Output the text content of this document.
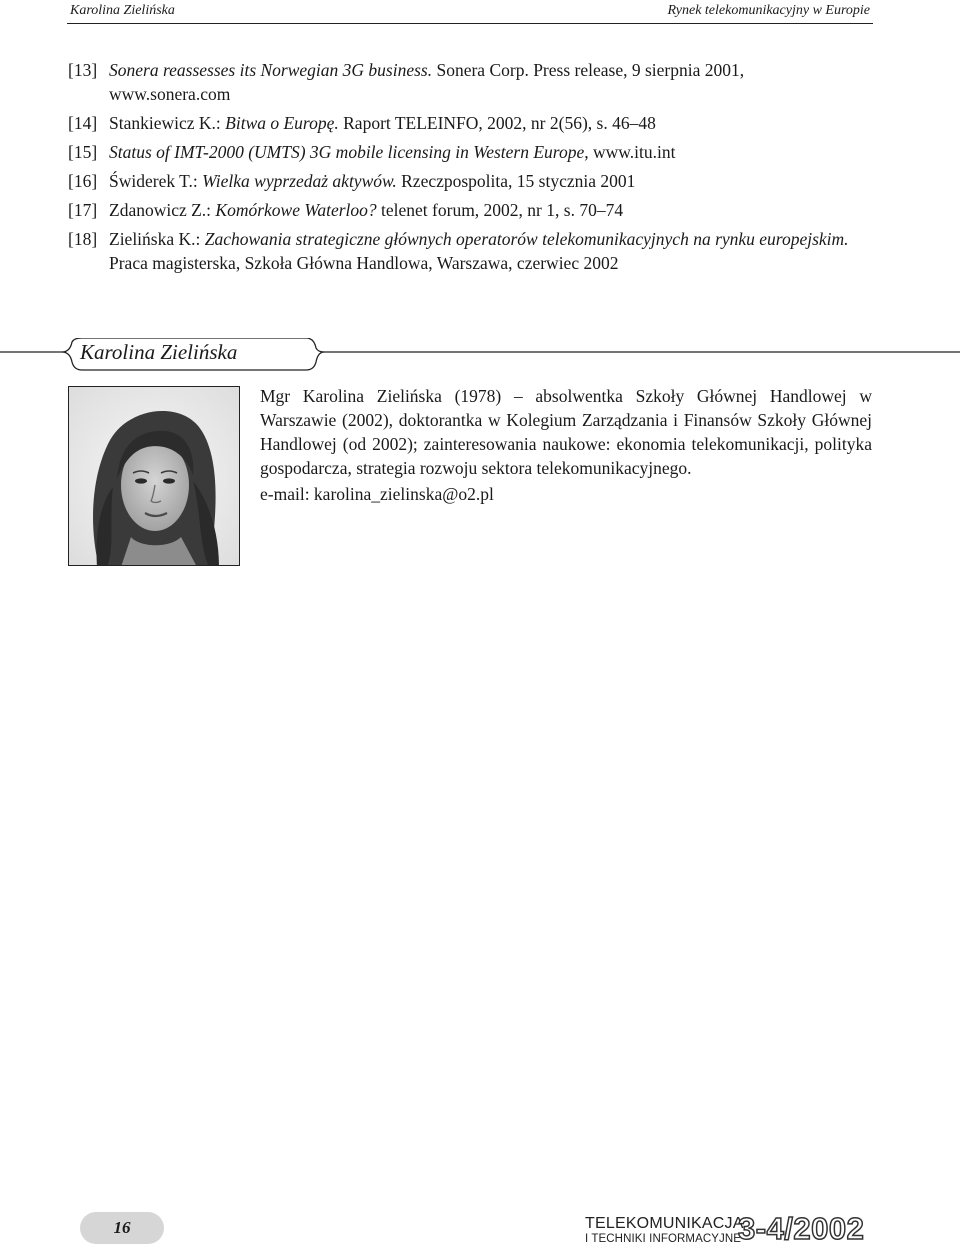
Karolina Zielińska	Rynek telekomunikacyjny w Europie
[13] Sonera reassesses its Norwegian 3G business. Sonera Corp. Press release, 9 sierpnia 2001, www.sonera.com
[14] Stankiewicz K.: Bitwa o Europę. Raport TELEINFO, 2002, nr 2(56), s. 46–48
[15] Status of IMT-2000 (UMTS) 3G mobile licensing in Western Europe, www.itu.int
[16] Świderek T.: Wielka wyprzedaż aktywów. Rzeczpospolita, 15 stycznia 2001
[17] Zdanowicz Z.: Komórkowe Waterloo? telenet forum, 2002, nr 1, s. 70–74
[18] Zielińska K.: Zachowania strategiczne głównych operatorów telekomunikacyjnych na rynku europejskim. Praca magisterska, Szkoła Główna Handlowa, Warszawa, czerwiec 2002
Karolina Zielińska
Mgr Karolina Zielińska (1978) – absolwentka Szkoły Głównej Handlowej w Warszawie (2002), doktorantka w Kolegium Zarządzania i Finansów Szkoły Głównej Handlowej (od 2002); zainteresowania naukowe: ekonomia telekomunikacji, polityka gospodarcza, strategia rozwoju sektora telekomunikacyjnego.
e-mail: karolina_zielinska@o2.pl
16	TELEKOMUNIKACJA
I TECHNIKI INFORMACYJNE
3-4/2002
